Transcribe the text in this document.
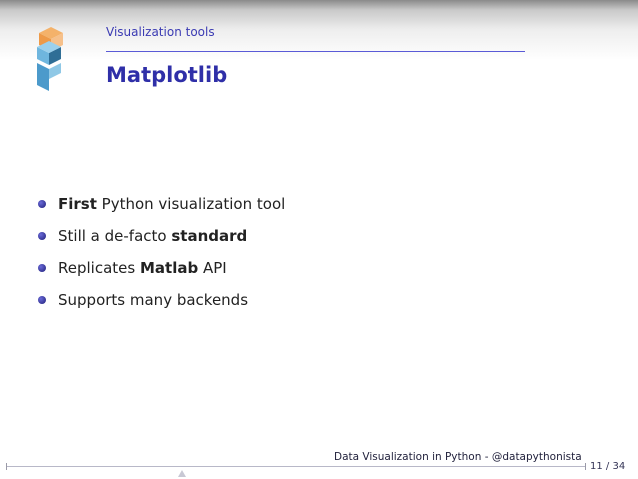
Visualization tools
Matplotlib
First Python visualization tool
Still a de-facto standard
Replicates Matlab API
Supports many backends
Data Visualization in Python - @datapythonista
11 / 34
